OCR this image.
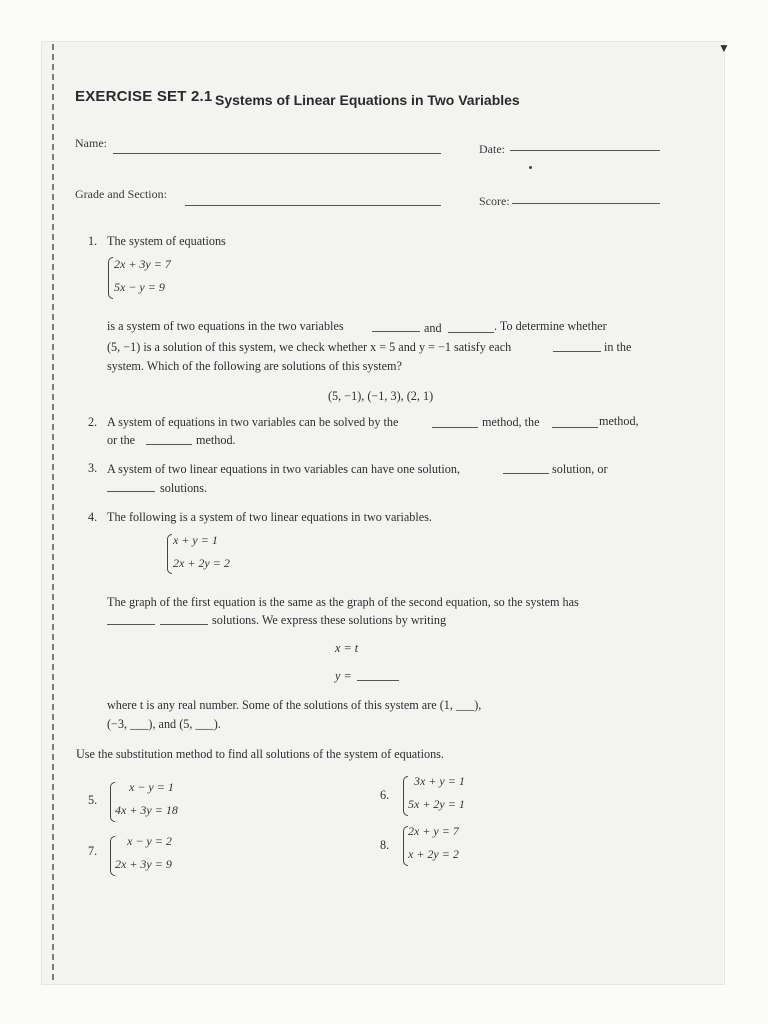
▼
EXERCISE SET 2.1 Systems of Linear Equations in Two Variables
Name:	Date:
Grade and Section:	Score:
1. The system of equations
2x + 3y = 7
5x − y = 9
is a system of two equations in the two variables	and	. To determine whether
(5, −1) is a solution of this system, we check whether x = 5 and y = −1 satisfy each	in the
system. Which of the following are solutions of this system?
(5, −1), (−1, 3), (2, 1)
2. A system of equations in two variables can be solved by the	method, the	method,
or the	method.
3. A system of two linear equations in two variables can have one solution,	solution, or
solutions.
4. The following is a system of two linear equations in two variables.
x + y = 1
2x + 2y = 2
The graph of the first equation is the same as the graph of the second equation, so the system has
solutions. We express these solutions by writing
x = t
y =
where t is any real number. Some of the solutions of this system are (1, ___),
(−3, ___), and (5, ___).
Use the substitution method to find all solutions of the system of equations.
5.
x − y = 1
4x + 3y = 18
6.
3x + y = 1
5x + 2y = 1
7.
x − y = 2
2x + 3y = 9
8.
2x + y = 7
x + 2y = 2
